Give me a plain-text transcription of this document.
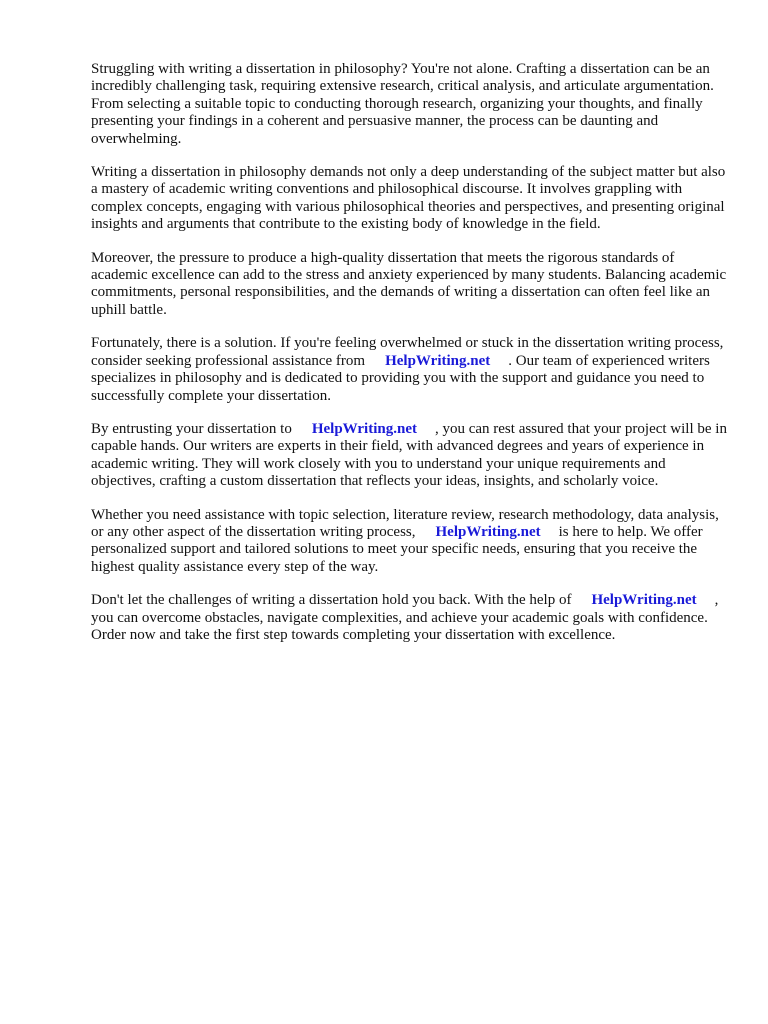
Struggling with writing a dissertation in philosophy? You're not alone. Crafting a dissertation can be an incredibly challenging task, requiring extensive research, critical analysis, and articulate argumentation. From selecting a suitable topic to conducting thorough research, organizing your thoughts, and finally presenting your findings in a coherent and persuasive manner, the process can be daunting and overwhelming.

Writing a dissertation in philosophy demands not only a deep understanding of the subject matter but also a mastery of academic writing conventions and philosophical discourse. It involves grappling with complex concepts, engaging with various philosophical theories and perspectives, and presenting original insights and arguments that contribute to the existing body of knowledge in the field.

Moreover, the pressure to produce a high-quality dissertation that meets the rigorous standards of academic excellence can add to the stress and anxiety experienced by many students. Balancing academic commitments, personal responsibilities, and the demands of writing a dissertation can often feel like an uphill battle.

Fortunately, there is a solution. If you're feeling overwhelmed or stuck in the dissertation writing process, consider seeking professional assistance from HelpWriting.net . Our team of experienced writers specializes in philosophy and is dedicated to providing you with the support and guidance you need to successfully complete your dissertation.

By entrusting your dissertation to HelpWriting.net , you can rest assured that your project will be in capable hands. Our writers are experts in their field, with advanced degrees and years of experience in academic writing. They will work closely with you to understand your unique requirements and objectives, crafting a custom dissertation that reflects your ideas, insights, and scholarly voice.

Whether you need assistance with topic selection, literature review, research methodology, data analysis, or any other aspect of the dissertation writing process, HelpWriting.net is here to help. We offer personalized support and tailored solutions to meet your specific needs, ensuring that you receive the highest quality assistance every step of the way.

Don't let the challenges of writing a dissertation hold you back. With the help of HelpWriting.net , you can overcome obstacles, navigate complexities, and achieve your academic goals with confidence. Order now and take the first step towards completing your dissertation with excellence.
